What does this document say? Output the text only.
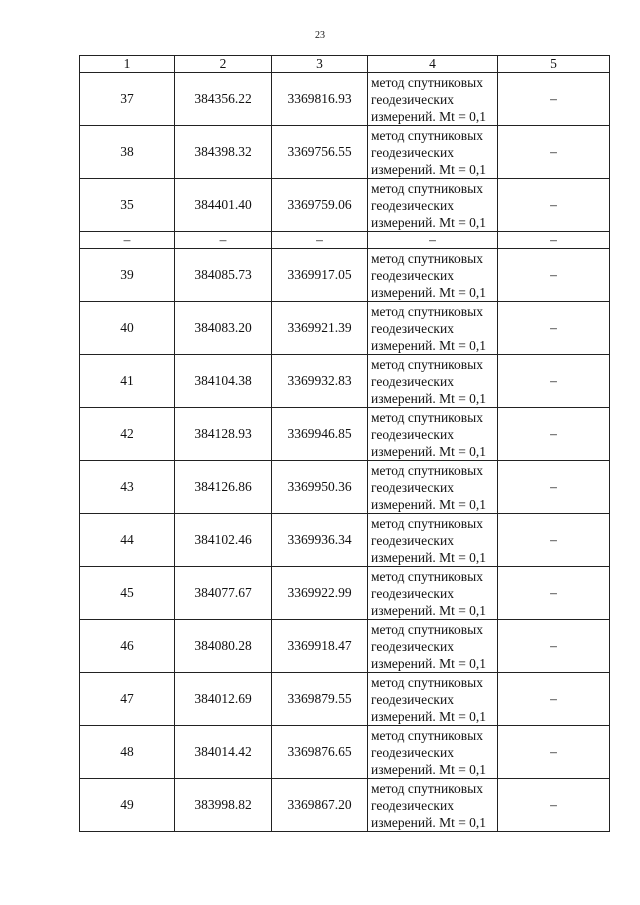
23
1	2	3	4	5
37	384356.22	3369816.93	метод спутниковых
геодезических
измерений. Mt = 0,1	–
38	384398.32	3369756.55	метод спутниковых
геодезических
измерений. Mt = 0,1	–
35	384401.40	3369759.06	метод спутниковых
геодезических
измерений. Mt = 0,1	–
–	–	–	–	–
39	384085.73	3369917.05	метод спутниковых
геодезических
измерений. Mt = 0,1	–
40	384083.20	3369921.39	метод спутниковых
геодезических
измерений. Mt = 0,1	–
41	384104.38	3369932.83	метод спутниковых
геодезических
измерений. Mt = 0,1	–
42	384128.93	3369946.85	метод спутниковых
геодезических
измерений. Mt = 0,1	–
43	384126.86	3369950.36	метод спутниковых
геодезических
измерений. Mt = 0,1	–
44	384102.46	3369936.34	метод спутниковых
геодезических
измерений. Mt = 0,1	–
45	384077.67	3369922.99	метод спутниковых
геодезических
измерений. Mt = 0,1	–
46	384080.28	3369918.47	метод спутниковых
геодезических
измерений. Mt = 0,1	–
47	384012.69	3369879.55	метод спутниковых
геодезических
измерений. Mt = 0,1	–
48	384014.42	3369876.65	метод спутниковых
геодезических
измерений. Mt = 0,1	–
49	383998.82	3369867.20	метод спутниковых
геодезических
измерений. Mt = 0,1	–
